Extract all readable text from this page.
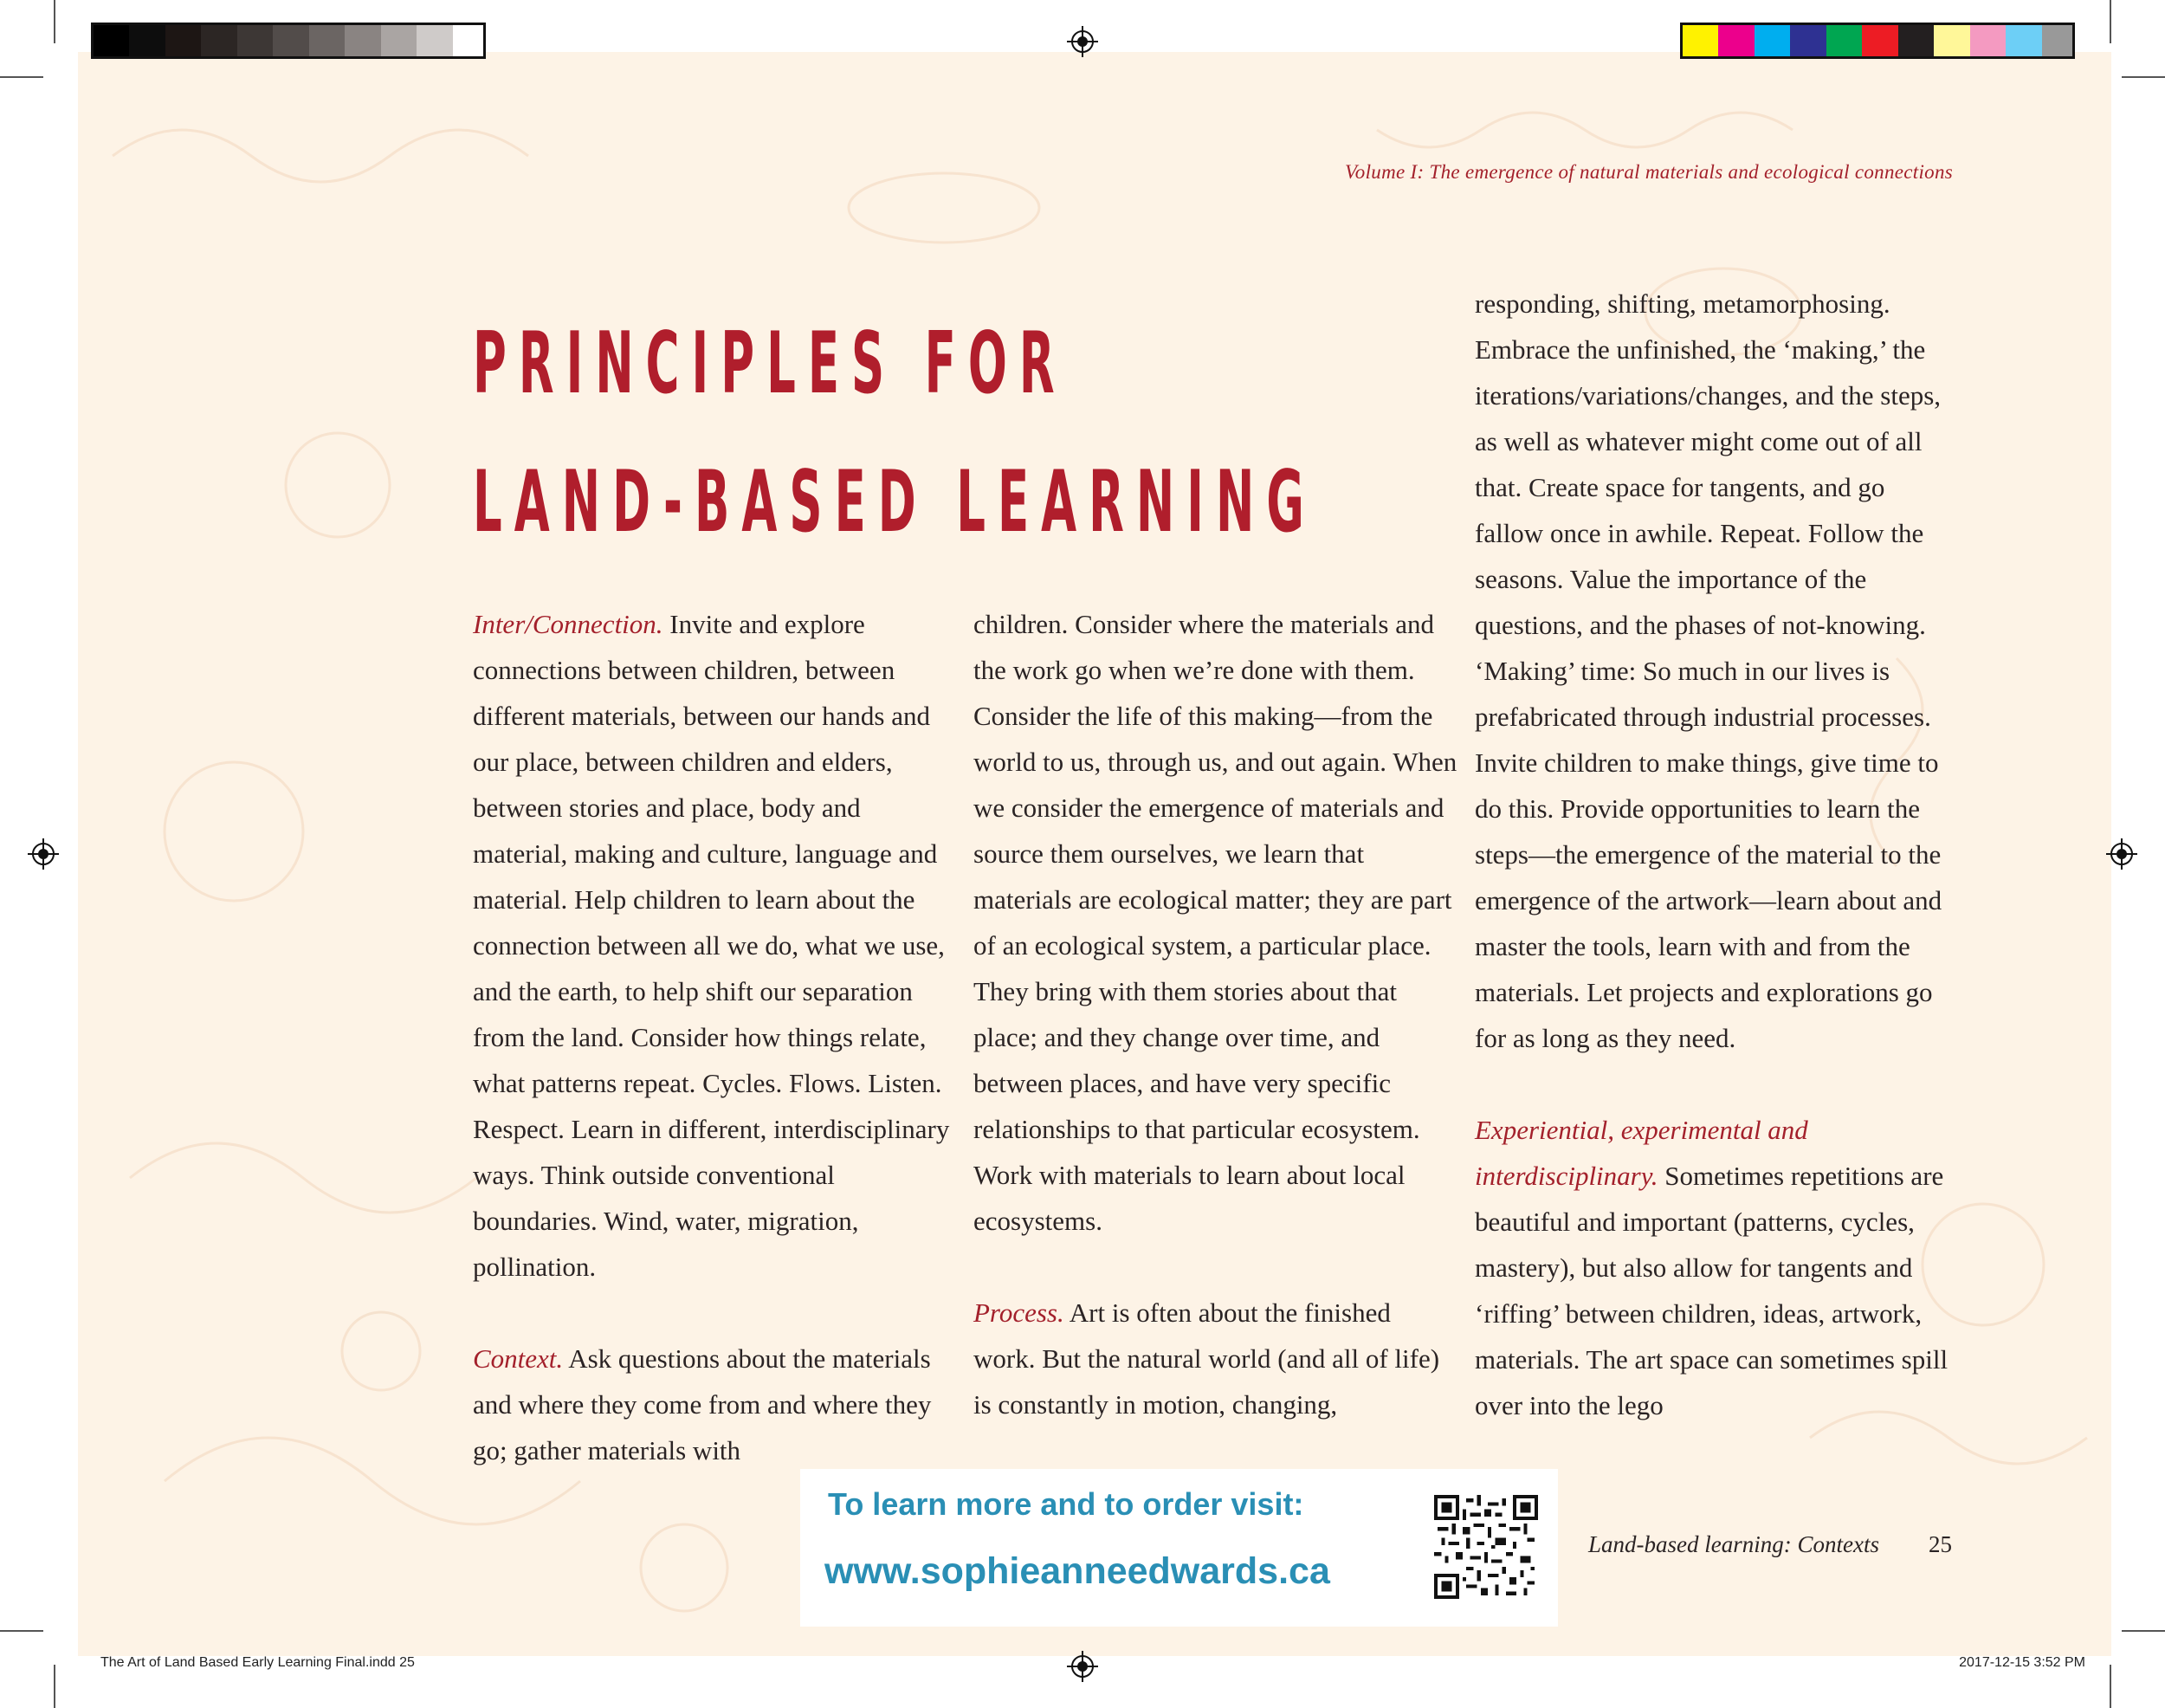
Volume I: The emergence of natural materials and ecological connections
PRINCIPLES FOR
LAND-BASED LEARNING

Inter/Connection. Invite and explore connections between children, between different materials, between our hands and our place, between children and elders, between stories and place, body and material, making and culture, language and material. Help children to learn about the connection between all we do, what we use, and the earth, to help shift our separation from the land. Consider how things relate, what patterns repeat. Cycles. Flows. Listen. Respect. Learn in different, interdisciplinary ways. Think outside conventional boundaries. Wind, water, migration, pollination.

Context. Ask questions about the materials and where they come from and where they go; gather materials with

children. Consider where the materials and the work go when we’re done with them. Consider the life of this making—from the world to us, through us, and out again. When we consider the emergence of materials and source them ourselves, we learn that materials are ecological matter; they are part of an ecological system, a particular place. They bring with them stories about that place; and they change over time, and between places, and have very specific relationships to that particular ecosystem. Work with materials to learn about local ecosystems.

Process. Art is often about the finished work. But the natural world (and all of life) is constantly in motion, changing,

responding, shifting, metamorphosing. Embrace the unfinished, the ‘making,’ the iterations/variations/changes, and the steps, as well as whatever might come out of all that. Create space for tangents, and go fallow once in awhile. Repeat. Follow the seasons. Value the importance of the questions, and the phases of not-knowing. ‘Making’ time: So much in our lives is prefabricated through industrial processes. Invite children to make things, give time to do this. Provide opportunities to learn the steps—the emergence of the material to the emergence of the artwork—learn about and master the tools, learn with and from the materials. Let projects and explorations go for as long as they need.

Experiential, experimental and interdisciplinary. Sometimes repetitions are beautiful and important (patterns, cycles, mastery), but also allow for tangents and ‘riffing’ between children, ideas, artwork, materials. The art space can sometimes spill over into the lego

Land-based learning: Contexts 25
To learn more and to order visit:
www.sophieanneedwards.ca
The Art of Land Based Early Learning Final.indd 25	2017-12-15 3:52 PM
